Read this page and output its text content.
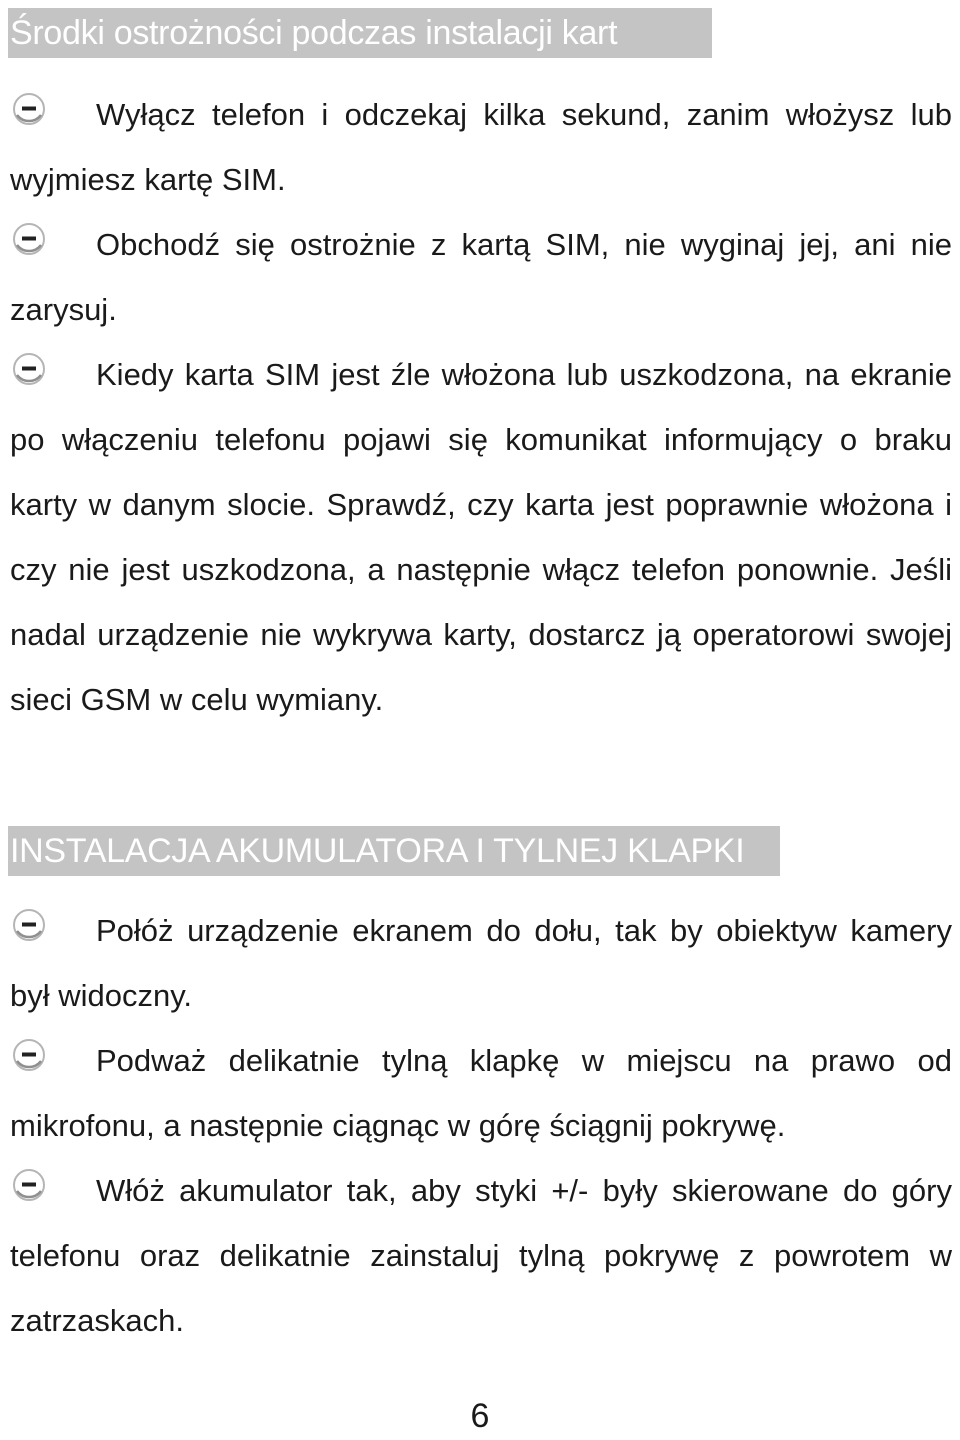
Środki ostrożności podczas instalacji kart

Wyłącz telefon i odczekaj kilka sekund, zanim włożysz lub wyjmiesz kartę SIM.

Obchodź się ostrożnie z kartą SIM, nie wyginaj jej, ani nie zarysuj.

Kiedy karta SIM jest źle włożona lub uszkodzona, na ekranie po włączeniu telefonu pojawi się komunikat informujący o braku karty w danym slocie. Sprawdź, czy karta jest poprawnie włożona i czy nie jest uszkodzona, a następnie włącz telefon ponownie. Jeśli nadal urządzenie nie wykrywa karty, dostarcz ją operatorowi swojej sieci GSM w celu wymiany.

INSTALACJA AKUMULATORA I TYLNEJ KLAPKI

Połóż urządzenie ekranem do dołu, tak by obiektyw kamery był widoczny.

Podważ delikatnie tylną klapkę w miejscu na prawo od mikrofonu, a następnie ciągnąc w górę ściągnij pokrywę.

Włóż akumulator tak, aby styki +/- były skierowane do góry telefonu oraz delikatnie zainstaluj tylną pokrywę z powrotem w zatrzaskach.

6
